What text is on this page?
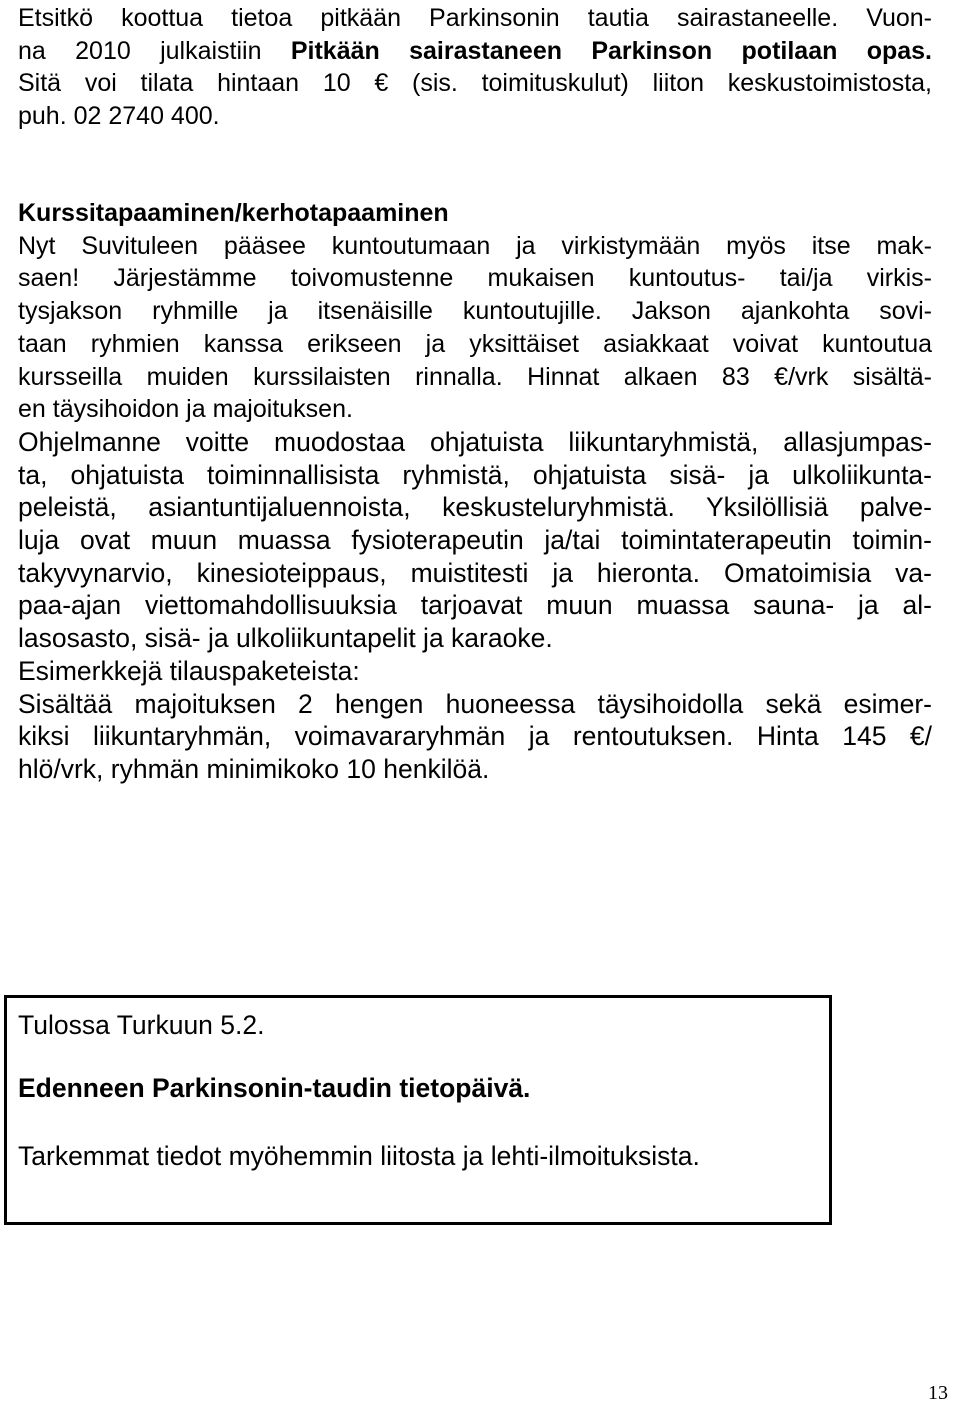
Etsitkö koottua tietoa pitkään Parkinsonin tautia sairastaneelle. Vuon-
na 2010 julkaistiin Pitkään sairastaneen Parkinson potilaan opas.
Sitä voi tilata hintaan 10 € (sis. toimituskulut) liiton keskustoimistosta,
puh. 02 2740 400.
Kurssitapaaminen/kerhotapaaminen
Nyt Suvituleen pääsee kuntoutumaan ja virkistymään myös itse mak-
saen! Järjestämme toivomustenne mukaisen kuntoutus- tai/ja virkis-
tysjakson ryhmille ja itsenäisille kuntoutujille. Jakson ajankohta sovi-
taan ryhmien kanssa erikseen ja yksittäiset asiakkaat voivat kuntoutua
kursseilla muiden kurssilaisten rinnalla. Hinnat alkaen 83 €/vrk sisältä-
en täysihoidon ja majoituksen.
Ohjelmanne voitte muodostaa ohjatuista liikuntaryhmistä, allasjumpas-
ta, ohjatuista toiminnallisista ryhmistä, ohjatuista sisä- ja ulkoliikunta-
peleistä, asiantuntijaluennoista, keskusteluryhmistä. Yksilöllisiä palve-
luja ovat muun muassa fysioterapeutin ja/tai toimintaterapeutin toimin-
takyvynarvio, kinesioteippaus, muistitesti ja hieronta. Omatoimisia va-
paa-ajan viettomahdollisuuksia tarjoavat muun muassa sauna- ja al-
lasosasto, sisä- ja ulkoliikuntapelit ja karaoke.
Esimerkkejä tilauspaketeista:
Sisältää majoituksen 2 hengen huoneessa täysihoidolla sekä esimer-
kiksi liikuntaryhmän, voimavararyhmän ja rentoutuksen. Hinta 145 €/
hlö/vrk, ryhmän minimikoko 10 henkilöä.
Tulossa Turkuun 5.2.
Edenneen Parkinsonin-taudin tietopäivä.
Tarkemmat tiedot myöhemmin liitosta ja lehti-ilmoituksista.
13
